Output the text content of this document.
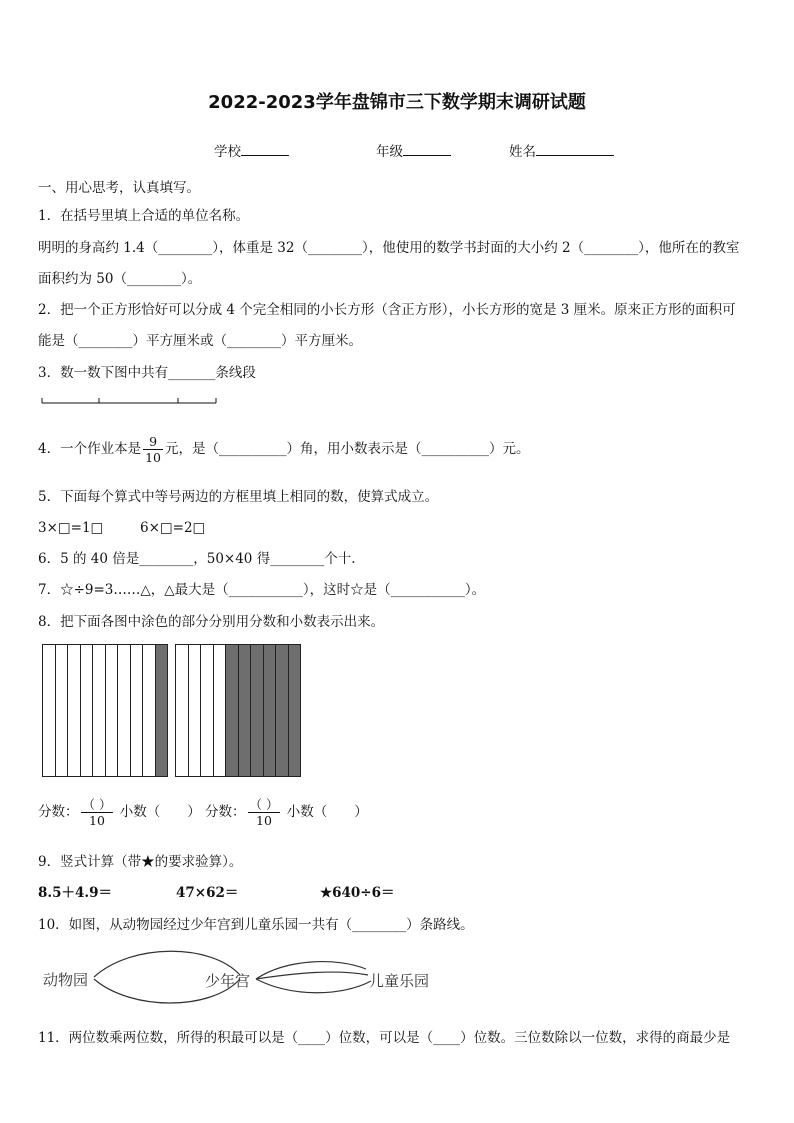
2022-2023学年盘锦市三下数学期末调研试题
学校	年级	姓名
一、用心思考，认真填写。
1．在括号里填上合适的单位名称。
明明的身高约 1.4（________），体重是 32（________），他使用的数学书封面的大小约 2（________），他所在的教室
面积约为 50（________）。
2．把一个正方形恰好可以分成 4 个完全相同的小长方形（含正方形），小长方形的宽是 3 厘米。原来正方形的面积可
能是（________）平方厘米或（________）平方厘米。
3．数一数下图中共有_______条线段
4．一个作业本是 $\frac{9}{10}$ 元，是（__________）角，用小数表示是（__________）元。
5．下面每个算式中等号两边的方框里填上相同的数，使算式成立。
3×□=1□	6×□=2□
6．5 的 40 倍是________，50×40 得________个十.
7．☆÷9=3……△，△最大是（___________），这时☆是（___________）。
8．把下面各图中涂色的部分分别用分数和小数表示出来。
分数： $\frac{( )}{10}$ 小数（　　） 分数： $\frac{( )}{10}$ 小数（　　）
9．竖式计算（带★的要求验算）。
8.5＋4.9＝	47×62＝	★640÷6＝
10．如图，从动物园经过少年宫到儿童乐园一共有（________）条路线。
动物园	少年宫	儿童乐园
11．两位数乘两位数，所得的积最可以是（____）位数，可以是（____）位数。三位数除以一位数，求得的商最少是
